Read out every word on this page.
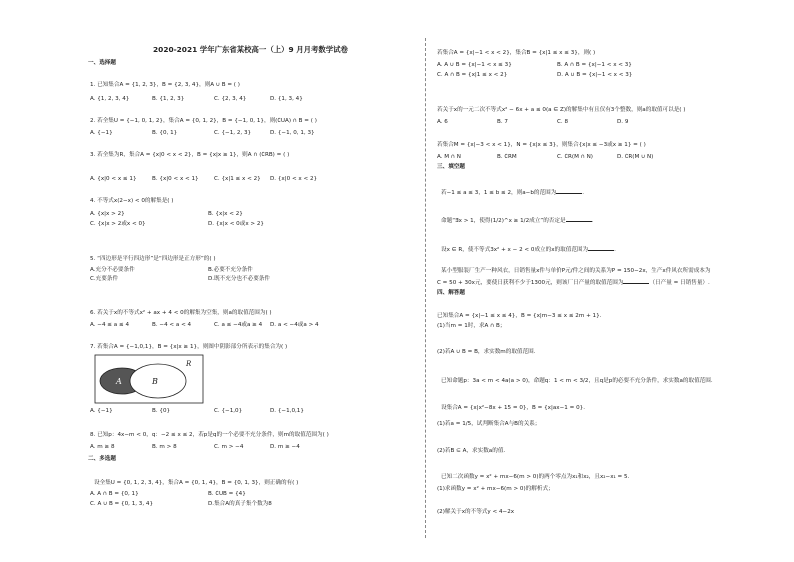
2020-2021 学年广东省某校高一（上）9 月月考数学试卷
一、选择题
1. 已知集合A = {1, 2, 3}，B = {2, 3, 4}，则A ∪ B = ( )
A. {1, 2, 3, 4}	B. {1, 2, 3}	C. {2, 3, 4}	D. {1, 3, 4}
2. 若全集U = {−1, 0, 1, 2}，集合A = {0, 1, 2}，B = {−1, 0, 1}，则(∁UA) ∩ B = ( )
A. {−1}	B. {0, 1}	C. {−1, 2, 3}	D. {−1, 0, 1, 3}
3. 若全集为R，集合A = {x|0 < x < 2}，B = {x|x ≥ 1}，则A ∩ (∁RB) = ( )
A. {x|0 < x ≤ 1}	B. {x|0 < x < 1}	C. {x|1 ≤ x < 2} D. {x|0 < x < 2}
4. 不等式x(2−x) < 0的解集是( )
A. {x|x > 2}	B. {x|x < 2}
C. {x|x > 2或x < 0}	D. {x|x < 0或x > 2}
5. “四边形是平行四边形”是“四边形是正方形”的( )
A.充分不必要条件	B.必要不充分条件
C.充要条件	D.既不充分也不必要条件
6. 若关于x的不等式x² + ax + 4 < 0的解集为空集，则a的取值范围为( )
A. −4 ≤ a ≤ 4	B. −4 < a < 4	C. a ≤ −4或a ≥ 4 D. a < −4或a > 4
7. 若集合A = {−1,0,1}，B = {x|x ≥ 1}，则图中阴影部分所表示的集合为( )
A. {−1}	B. {0}	C. {−1,0}	D. {−1,0,1}
8. 已知p：4x−m < 0，q：−2 ≤ x ≤ 2，若p是q的一个必要不充分条件，则m的取值范围为( )
A. m ≥ 8	B. m > 8	C. m > −4	D. m ≥ −4
二、多选题
设全集U = {0, 1, 2, 3, 4}，集合A = {0, 1, 4}，B = {0, 1, 3}，则正确的有( )
A. A ∩ B = {0, 1}	B. ∁UB = {4}
C. A ∪ B = {0, 1, 3, 4}	D.集合A的真子集个数为8
A	B
R
若集合A = {x|−1 < x < 2}，集合B = {x|1 ≤ x ≤ 3}，则( )
A. A ∪ B = {x|−1 < x ≤ 3}	B. A ∩ B = {x|−1 < x < 3}
C. A ∩ B = {x|1 ≤ x < 2}	D. A ∪ B = {x|−1 < x < 3}
若关于x的一元二次不等式x² − 6x + a ≤ 0(a ∈ Z)的解集中有且仅有3个整数，则a的取值可以是( )
A. 6	B. 7	C. 8	D. 9
若集合M = {x|−3 < x < 1}，N = {x|x ≤ 3}，则集合{x|x ≤ −3或x ≥ 1} = ( )
A. M ∩ N	B. ∁RM	C. ∁R(M ∩ N)	D. ∁R(M ∪ N)
三、填空题
若−1 ≤ a ≤ 3，1 ≤ b ≤ 2，则a−b的范围为	.
命题“∃x > 1，使得(1/2)^x ≥ 1/2成立”的否定是	.
设x ∈ R，使不等式3x² + x − 2 < 0成立的x的取值范围为	.
某小型服装厂生产一种风衣，日销售量x件与单价P元/件之间的关系为P = 150−2x，生产x件风衣所需成本为
C = 50 + 30x元，要使日获利不少于1300元，则该厂日产量的取值范围为	（日产量 = 日销售量）.
四、解答题
已知集合A = {x|−1 ≤ x ≤ 4}，B = {x|m−3 ≤ x ≤ 2m + 1}.
(1)当m = 1时，求A ∩ B；
(2)若A ∪ B = B，求实数m的取值范围.
已知命题p：3a < m < 4a(a > 0)，命题q：1 < m < 3/2，且q是p的必要不充分条件，求实数a的取值范围.
设集合A = {x|x²−8x + 15 = 0}，B = {x|ax−1 = 0}.
(1)若a = 1/5，试判断集合A与B的关系；
(2)若B ⊆ A，求实数a的值.
已知二次函数y = x² + mx−6(m > 0)的两个零点为x₁和x₂，且x₂−x₁ = 5.
(1)求函数y = x² + mx−6(m > 0)的解析式；
(2)解关于x的不等式y < 4−2x
